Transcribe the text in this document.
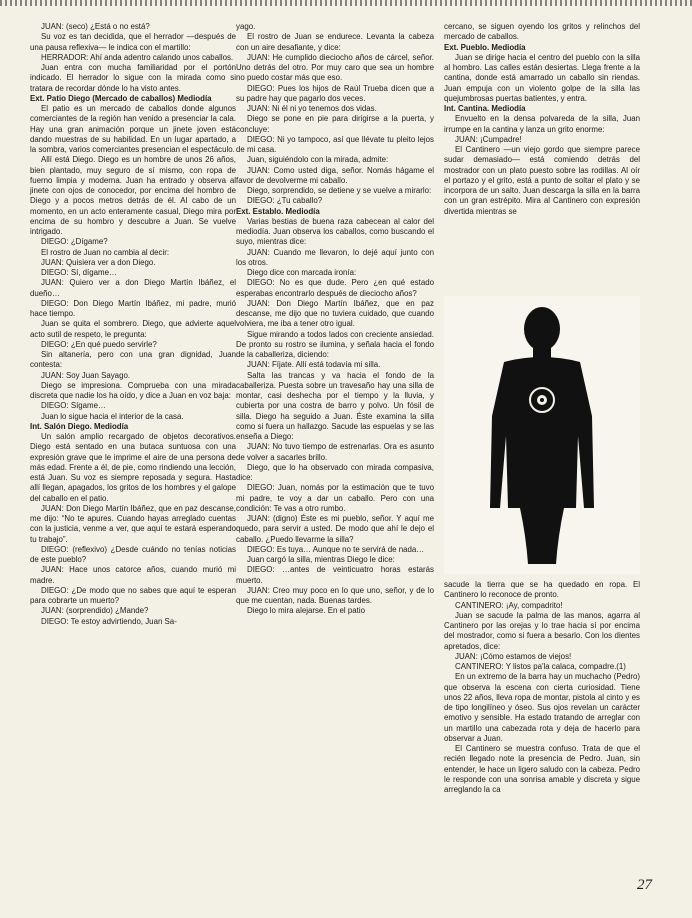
JUAN: (seco) ¿Está o no está?

Su voz es tan decidida, que el herrador —después de una pausa reflexiva— le indica con el martillo:

HERRADOR: Ahí anda adentro calando unos caballos.

Juan entra con mucha familiaridad por el portón indicado. El herrador lo sigue con la mirada como si tratara de recordar dónde lo ha visto antes.

Ext. Patio Diego (Mercado de caballos) Mediodía

El patio es un mercado de caballos donde algunos comerciantes de la región han venido a presenciar la cala. Hay una gran animación porque un jinete joven está dando muestras de su habilidad. En un lugar apartado, a la sombra, varios comerciantes presencian el espectáculo.

Allí está Diego. Diego es un hombre de unos 26 años, bien plantado, muy seguro de sí mismo, con ropa de fuerno limpia y moderna. Juan ha entrado y observa al jinete con ojos de conocedor, por encima del hombro de Diego y a pocos metros detrás de él. Al cabo de un momento, en un acto enteramente casual, Diego mira por encima de su hombro y descubre a Juan. Se vuelve intrigado.

DIEGO: ¿Dígame?

El rostro de Juan no cambia al decir:

JUAN: Quisiera ver a don Diego.

DIEGO: Sí, dígame…

JUAN: Quiero ver a don Diego Martín Ibáñez, el dueño…

DIEGO: Don Diego Martín Ibáñez, mi padre, murió hace tiempo.

Juan se quita el sombrero. Diego, que advierte aquel acto sutil de respeto, le pregunta:

DIEGO: ¿En qué puedo servirle?

Sin altanería, pero con una gran dignidad, Juan contesta:

JUAN: Soy Juan Sayago.

Diego se impresiona. Comprueba con una mirada discreta que nadie los ha oído, y dice a Juan en voz baja:

DIEGO: Sígame…

Juan lo sigue hacia el interior de la casa.

Int. Salón Diego. Mediodía

Un salón amplio recargado de objetos decorativos. Diego está sentado en una butaca suntuosa con una expresión grave que le imprime el aire de una persona de más edad. Frente a él, de pie, como rindiendo una lección, está Juan. Su voz es siempre reposada y segura. Hasta allí llegan, apagados, los gritos de los hombres y el galope del caballo en el patio.

JUAN: Don Diego Martín Ibáñez, que en paz descanse, me dijo: “No te apures. Cuando hayas arreglado cuentas con la justicia, venme a ver, que aquí te estará esperando tu trabajo”.

DIEGO: (reflexivo) ¿Desde cuándo no tenías noticias de este pueblo?

JUAN: Hace unos catorce años, cuando murió mi madre.

DIEGO: ¿De modo que no sabes que aquí te esperan para cobrarte un muerto?

JUAN: (sorprendido) ¿Mande?

DIEGO: Te estoy advirtiendo, Juan Sa-

yago.

El rostro de Juan se endurece. Levanta la cabeza con un aire desafiante, y dice:

JUAN: He cumplido dieciocho años de cárcel, señor. Uno detrás del otro. Por muy caro que sea un hombre no puedo costar más que eso.

DIEGO: Pues los hijos de Raúl Trueba dicen que a su padre hay que pagarlo dos veces.

JUAN: Ni él ni yo tenemos dos vidas.

Diego se pone en pie para dirigirse a la puerta, y concluye:

DIEGO: Ni yo tampoco, así que llévate tu pleito lejos de mi casa.

Juan, siguiéndolo con la mirada, admite:

JUAN: Como usted diga, señor. Nomás hágame el favor de devolverme mi caballo.

Diego, sorprendido, se detiene y se vuelve a mirarlo:

DIEGO: ¿Tu caballo?

Ext. Establo. Mediodía

Varias bestias de buena raza cabecean al calor del mediodía. Juan observa los caballos, como buscando el suyo, mientras dice:

JUAN: Cuando me llevaron, lo dejé aquí junto con los otros.

Diego dice con marcada ironía:

DIEGO: No es que dude. Pero ¿en qué estado esperabas encontrarlo después de dieciocho años?

JUAN: Don Diego Martín Ibáñez, que en paz descanse, me dijo que no tuviera cuidado, que cuando volviera, me iba a tener otro igual.

Sigue mirando a todos lados con creciente ansiedad. De pronto su rostro se ilumina, y señala hacia el fondo de la caballeriza, diciendo:

JUAN: Fíjate. Allí está todavía mi silla.

Salta las trancas y va hacia el fondo de la caballeriza. Puesta sobre un travesaño hay una silla de montar, casi deshecha por el tiempo y la lluvia, y cubierta por una costra de barro y polvo. Un fósil de silla. Diego ha seguido a Juan. Éste examina la silla como si fuera un hallazgo. Sacude las espuelas y se las enseña a Diego:

JUAN: No tuvo tiempo de estrenarlas. Ora es asunto de volver a sacarles brillo.

Diego, que lo ha observado con mirada compasiva, dice:

DIEGO: Juan, nomás por la estimación que te tuvo mi padre, te voy a dar un caballo. Pero con una condición: Te vas a otro rumbo.

JUAN: (digno) Éste es mi pueblo, señor. Y aquí me quedo, para servir a usted. De modo que ahí le dejo el caballo. ¿Puedo llevarme la silla?

DIEGO: Es tuya… Aunque no te servirá de nada…

Juan cargó la silla, mientras Diego le dice:

DIEGO: …antes de veinticuatro horas estarás muerto.

JUAN: Creo muy poco en lo que uno, señor, y de lo que me cuentan, nada. Buenas tardes.

Diego lo mira alejarse. En el patio

cercano, se siguen oyendo los gritos y relinchos del mercado de caballos.

Ext. Pueblo. Mediodía

Juan se dirige hacia el centro del pueblo con la silla al hombro. Las calles están desiertas. Llega frente a la cantina, donde está amarrado un caballo sin riendas. Juan empuja con un violento golpe de la silla las quejumbrosas puertas batientes, y entra.

Int. Cantina. Mediodía

Envuelto en la densa polvareda de la silla, Juan irrumpe en la cantina y lanza un grito enorme:

JUAN: ¡Cumpadre!

El Cantinero —un viejo gordo que siempre parece sudar demasiado— está comiendo detrás del mostrador con un plato puesto sobre las rodillas. Al oír el portazo y el grito, está a punto de soltar el plato y se incorpora de un salto. Juan descarga la silla en la barra con un gran estrépito. Mira al Cantinero con expresión divertida mientras se

sacude la tierra que se ha quedado en ropa. El Cantinero lo reconoce de pronto.

CANTINERO: ¡Ay, compadrito!

Juan se sacude la palma de las manos, agarra al Cantinero por las orejas y lo trae hacia sí por encima del mostrador, como si fuera a besarlo. Con los dientes apretados, dice:

JUAN: ¡Cómo estamos de viejos!

CANTINERO: Y listos pa'la calaca, compadre.(1)

En un extremo de la barra hay un muchacho (Pedro) que observa la escena con cierta curiosidad. Tiene unos 22 años, lleva ropa de montar, pistola al cinto y es de tipo longilíneo y óseo. Sus ojos revelan un carácter emotivo y sensible. Ha estado tratando de arreglar con un martillo una cabezada rota y deja de hacerlo para observar a Juan.

El Cantinero se muestra confuso. Trata de que el recién llegado note la presencia de Pedro. Juan, sin entender, le hace un ligero saludo con la cabeza. Pedro le responde con una sonrisa amable y discreta y sigue arreglando la ca

27
